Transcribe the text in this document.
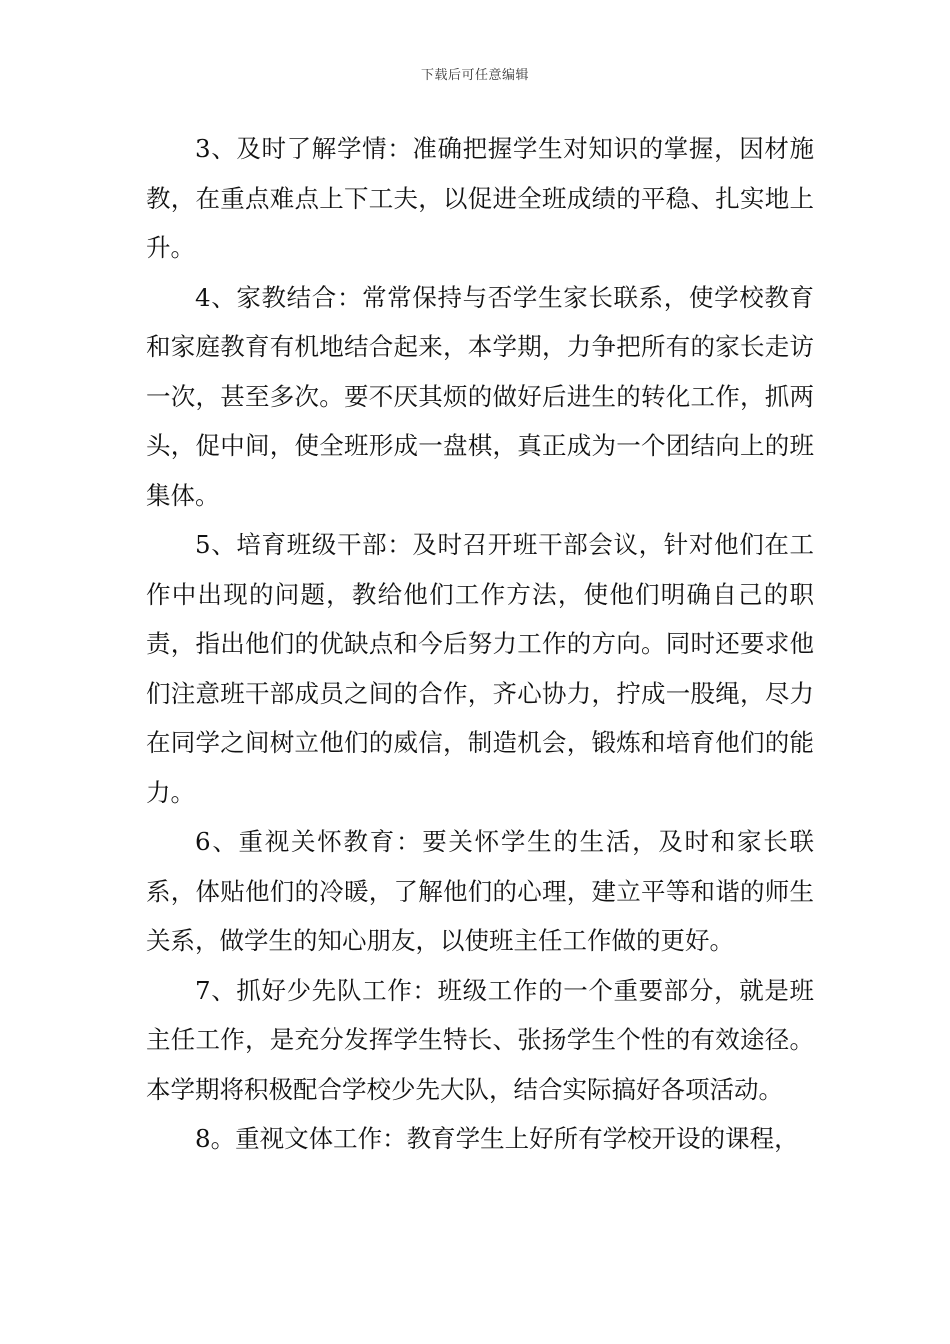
下载后可任意编辑

3、及时了解学情：准确把握学生对知识的掌握，因材施教，在重点难点上下工夫，以促进全班成绩的平稳、扎实地上升。

4、家教结合：常常保持与否学生家长联系，使学校教育和家庭教育有机地结合起来，本学期，力争把所有的家长走访一次，甚至多次。要不厌其烦的做好后进生的转化工作，抓两头，促中间，使全班形成一盘棋，真正成为一个团结向上的班集体。

5、培育班级干部：及时召开班干部会议，针对他们在工作中出现的问题，教给他们工作方法，使他们明确自己的职责，指出他们的优缺点和今后努力工作的方向。同时还要求他们注意班干部成员之间的合作，齐心协力，拧成一股绳，尽力在同学之间树立他们的威信，制造机会，锻炼和培育他们的能力。

6、重视关怀教育：要关怀学生的生活，及时和家长联系，体贴他们的冷暖，了解他们的心理，建立平等和谐的师生关系，做学生的知心朋友，以使班主任工作做的更好。

7、抓好少先队工作：班级工作的一个重要部分，就是班主任工作，是充分发挥学生特长、张扬学生个性的有效途径。本学期将积极配合学校少先大队，结合实际搞好各项活动。

8。重视文体工作：教育学生上好所有学校开设的课程，
